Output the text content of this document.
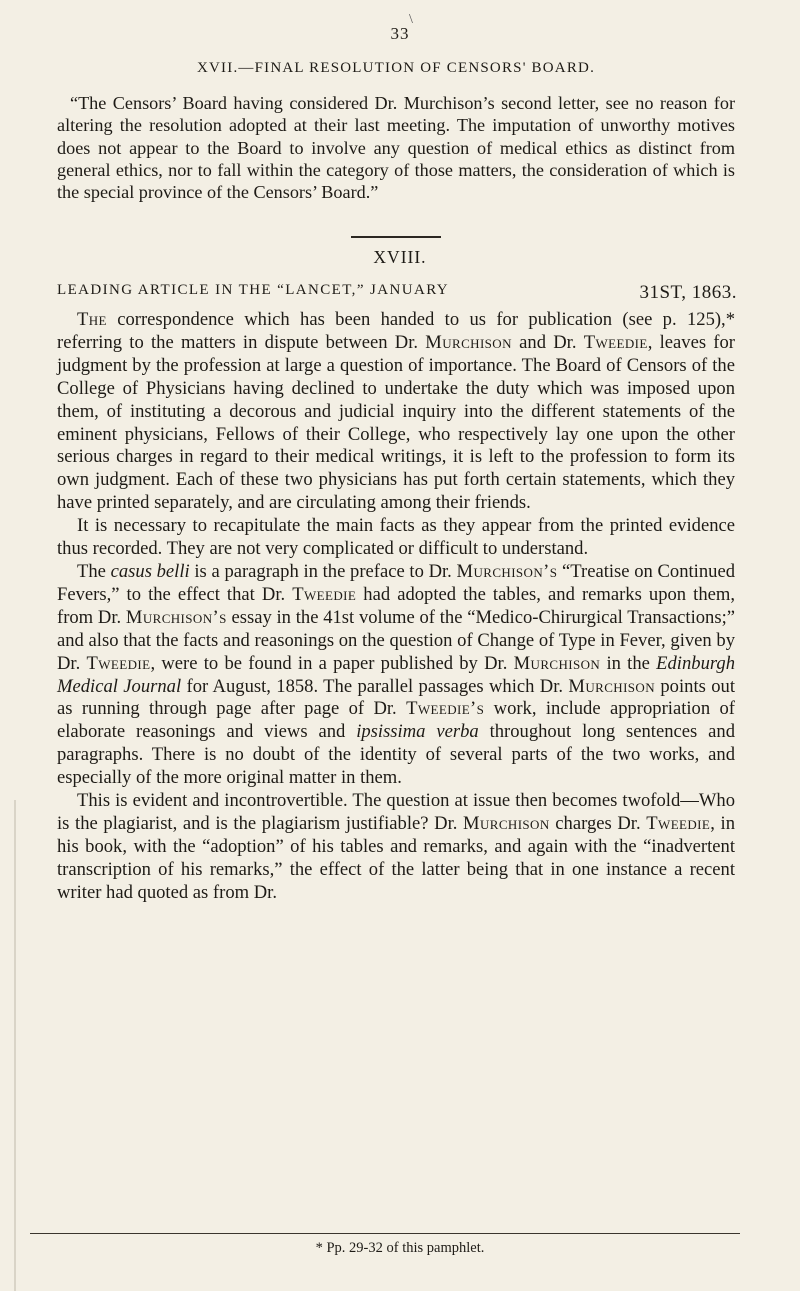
\
33
XVII.—FINAL RESOLUTION OF CENSORS' BOARD.

“The Censors’ Board having considered Dr. Murchison’s second letter, see no reason for altering the resolution adopted at their last meeting. The imputation of unworthy motives does not appear to the Board to involve any question of medical ethics as distinct from general ethics, nor to fall within the category of those matters, the consideration of which is the special province of the Censors’ Board.”

XVIII.
LEADING ARTICLE IN THE “LANCET,” JANUARY	31ST, 1863.

The correspondence which has been handed to us for publication (see p. 125),* referring to the matters in dispute between Dr. Murchison and Dr. Tweedie, leaves for judgment by the profession at large a question of importance. The Board of Censors of the College of Physicians having declined to undertake the duty which was imposed upon them, of instituting a decorous and judicial inquiry into the different statements of the eminent physicians, Fellows of their College, who respectively lay one upon the other serious charges in regard to their medical writings, it is left to the profession to form its own judgment. Each of these two physicians has put forth certain statements, which they have printed separately, and are circulating among their friends.

It is necessary to recapitulate the main facts as they appear from the printed evidence thus recorded. They are not very complicated or difficult to understand.

The casus belli is a paragraph in the preface to Dr. Murchison’s “Treatise on Continued Fevers,” to the effect that Dr. Tweedie had adopted the tables, and remarks upon them, from Dr. Murchison’s essay in the 41st volume of the “Medico-Chirurgical Transactions;” and also that the facts and reasonings on the question of Change of Type in Fever, given by Dr. Tweedie, were to be found in a paper published by Dr. Murchison in the Edinburgh Medical Journal for August, 1858. The parallel passages which Dr. Murchison points out as running through page after page of Dr. Tweedie’s work, include appropriation of elaborate reasonings and views and ipsissima verba throughout long sentences and paragraphs. There is no doubt of the identity of several parts of the two works, and especially of the more original matter in them.

This is evident and incontrovertible. The question at issue then becomes twofold—Who is the plagiarist, and is the plagiarism justifiable? Dr. Murchison charges Dr. Tweedie, in his book, with the “adoption” of his tables and remarks, and again with the “inadvertent transcription of his remarks,” the effect of the latter being that in one instance a recent writer had quoted as from Dr.

* Pp. 29-32 of this pamphlet.
